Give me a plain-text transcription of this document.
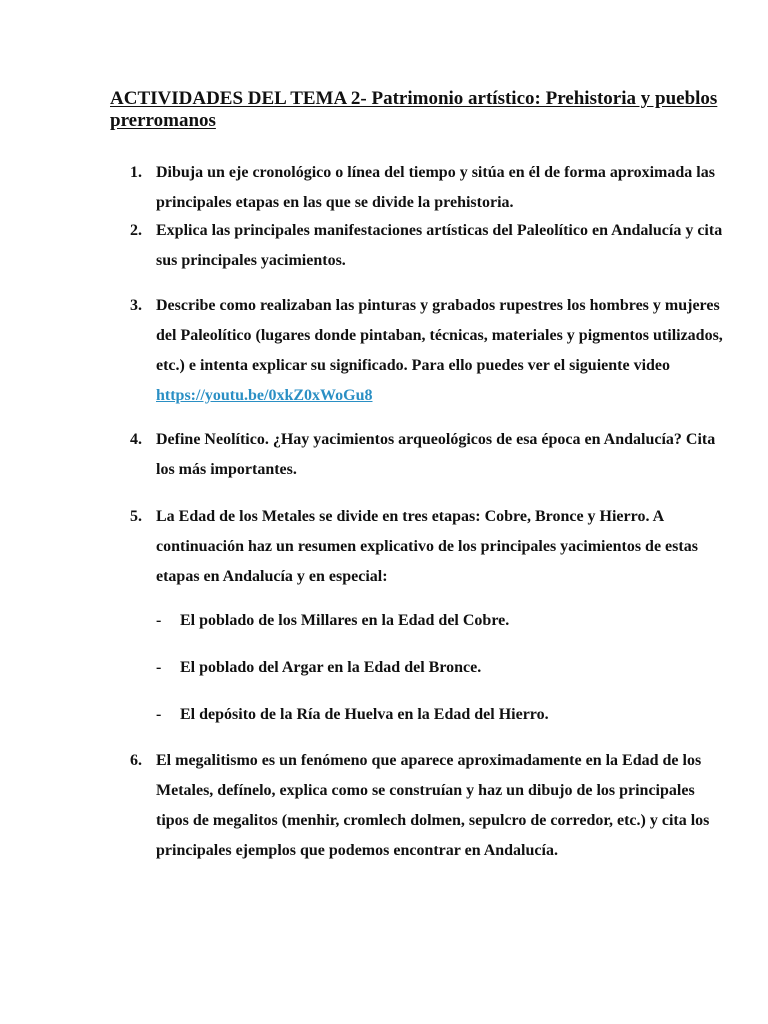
ACTIVIDADES DEL TEMA 2- Patrimonio artístico: Prehistoria y pueblos prerromanos
1. Dibuja un eje cronológico o línea del tiempo y sitúa en él de forma aproximada las principales etapas en las que se divide la prehistoria.
2. Explica las principales manifestaciones artísticas del Paleolítico en Andalucía y cita sus principales yacimientos.
3. Describe como realizaban las pinturas y grabados rupestres los hombres y mujeres del Paleolítico (lugares donde pintaban, técnicas, materiales y pigmentos utilizados, etc.) e intenta explicar su significado. Para ello puedes ver el siguiente video https://youtu.be/0xkZ0xWoGu8
4. Define Neolítico. ¿Hay yacimientos arqueológicos de esa época en Andalucía? Cita los más importantes.
5. La Edad de los Metales se divide en tres etapas: Cobre, Bronce y Hierro. A continuación haz un resumen explicativo de los principales yacimientos de estas etapas en Andalucía y en especial:
- El poblado de los Millares en la Edad del Cobre.
- El poblado del Argar en la Edad del Bronce.
- El depósito de la Ría de Huelva en la Edad del Hierro.
6. El megalitismo es un fenómeno que aparece aproximadamente en la Edad de los Metales, defínelo, explica como se construían y haz un dibujo de los principales tipos de megalitos (menhir, cromlech dolmen, sepulcro de corredor, etc.) y cita los principales ejemplos que podemos encontrar en Andalucía.
